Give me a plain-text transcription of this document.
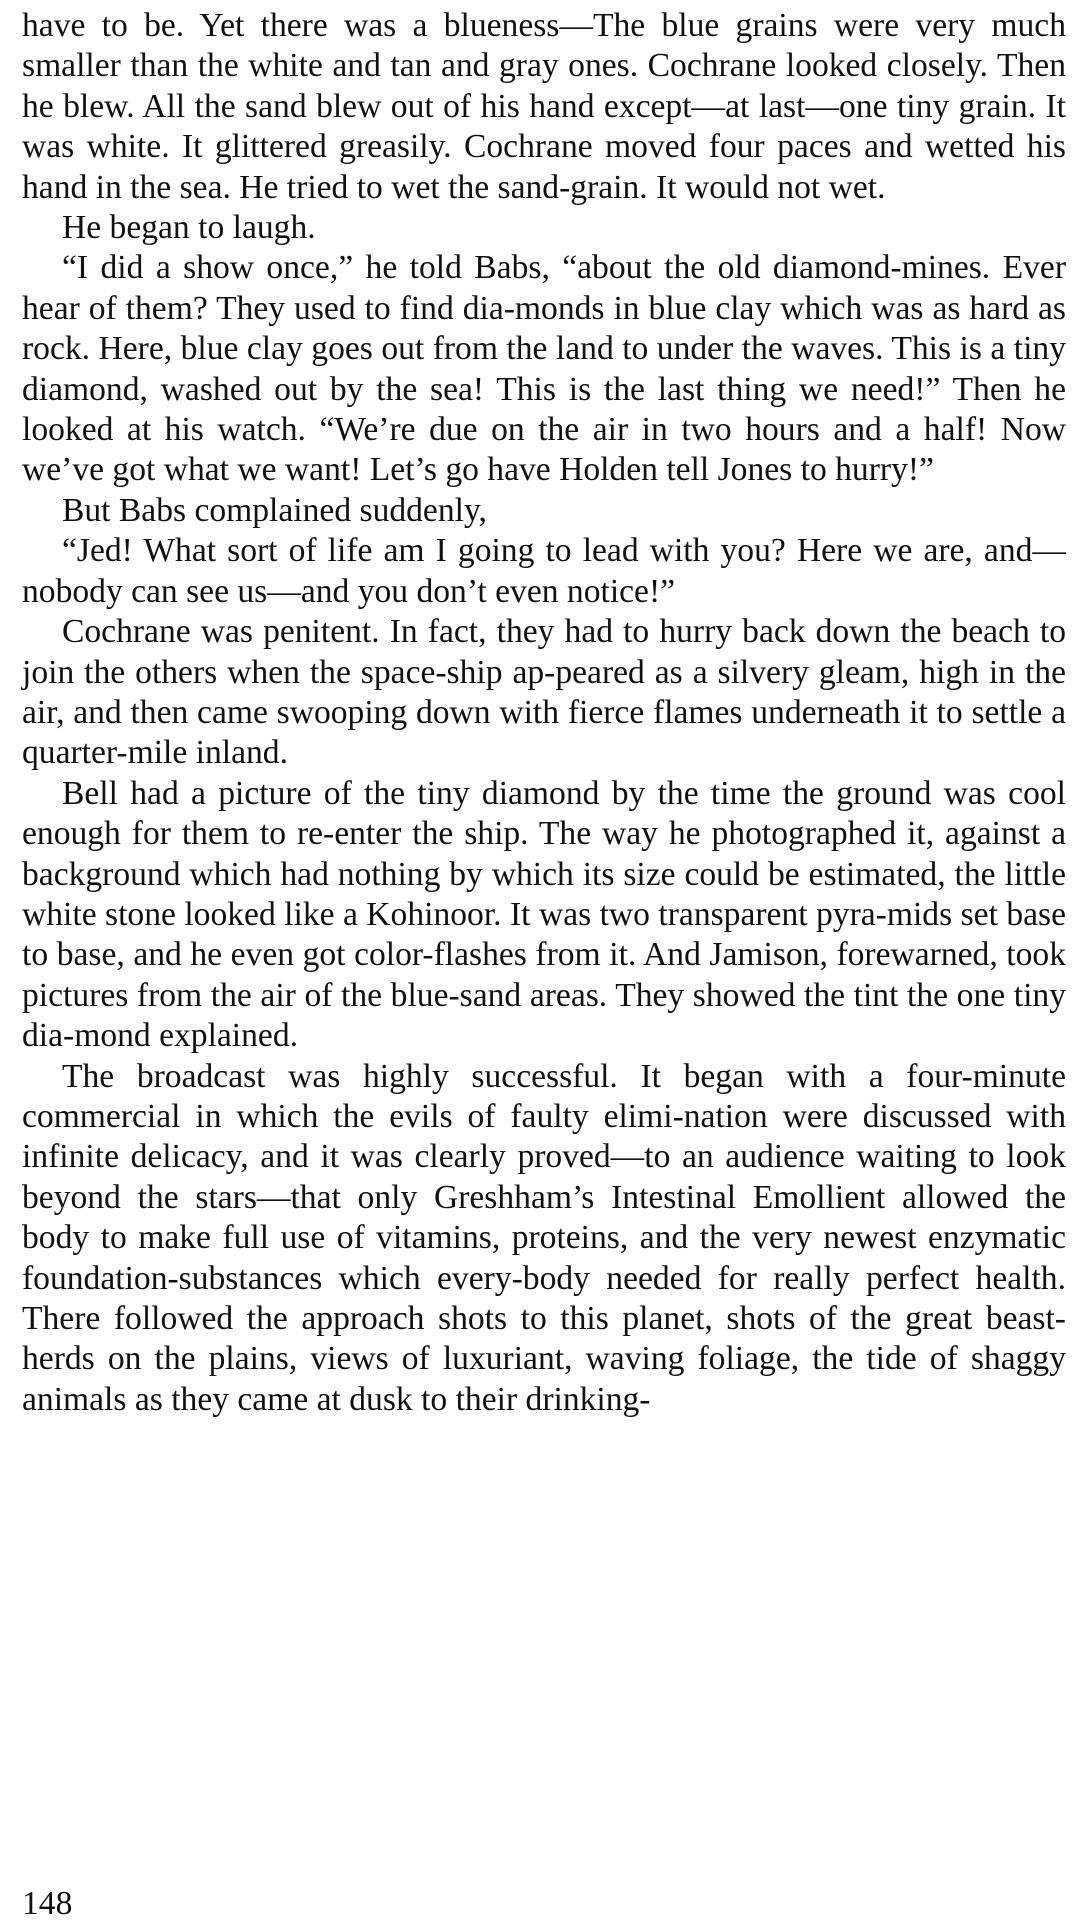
have to be. Yet there was a blueness—The blue grains were very much smaller than the white and tan and gray ones. Cochrane looked closely. Then he blew. All the sand blew out of his hand except—at last—one tiny grain. It was white. It glittered greasily. Cochrane moved four paces and wetted his hand in the sea. He tried to wet the sand-grain. It would not wet.

He began to laugh.

“I did a show once,” he told Babs, “about the old diamond-mines. Ever hear of them? They used to find dia-monds in blue clay which was as hard as rock. Here, blue clay goes out from the land to under the waves. This is a tiny diamond, washed out by the sea! This is the last thing we need!” Then he looked at his watch. “We’re due on the air in two hours and a half! Now we’ve got what we want! Let’s go have Holden tell Jones to hurry!”

But Babs complained suddenly,

“Jed! What sort of life am I going to lead with you? Here we are, and—nobody can see us—and you don’t even notice!”

Cochrane was penitent. In fact, they had to hurry back down the beach to join the others when the space-ship ap-peared as a silvery gleam, high in the air, and then came swooping down with fierce flames underneath it to settle a quarter-mile inland.

Bell had a picture of the tiny diamond by the time the ground was cool enough for them to re-enter the ship. The way he photographed it, against a background which had nothing by which its size could be estimated, the little white stone looked like a Kohinoor. It was two transparent pyra-mids set base to base, and he even got color-flashes from it. And Jamison, forewarned, took pictures from the air of the blue-sand areas. They showed the tint the one tiny dia-mond explained.

The broadcast was highly successful. It began with a four-minute commercial in which the evils of faulty elimi-nation were discussed with infinite delicacy, and it was clearly proved—to an audience waiting to look beyond the stars—that only Greshham’s Intestinal Emollient allowed the body to make full use of vitamins, proteins, and the very newest enzymatic foundation-substances which every-body needed for really perfect health. There followed the approach shots to this planet, shots of the great beast-herds on the plains, views of luxuriant, waving foliage, the tide of shaggy animals as they came at dusk to their drinking-

148
